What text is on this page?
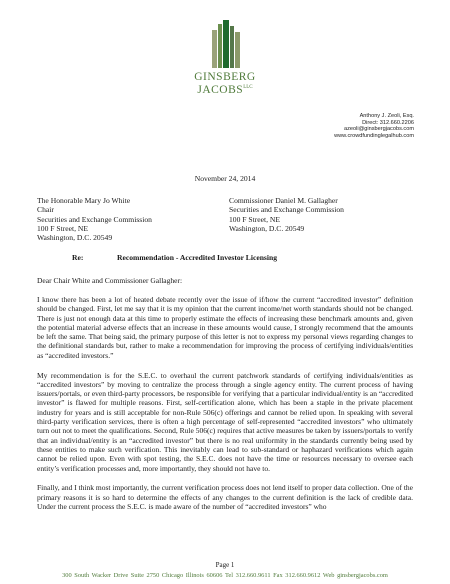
GINSBERG
$JACOBS^{LLC}$
Anthony J. Zeoli, Esq.
Direct: 312.660.2206
azeoli@ginsbergjacobs.com
www.crowdfundinglegalhub.com
November 24, 2014
The Honorable Mary Jo White
Chair
Securities and Exchange Commission
100 F Street, NE
Washington, D.C. 20549
Commissioner Daniel M. Gallagher
Securities and Exchange Commission
100 F Street, NE
Washington, D.C. 20549
Re:	Recommendation - Accredited Investor Licensing
Dear Chair White and Commissioner Gallagher:

I know there has been a lot of heated debate recently over the issue of if/how the current “accredited investor” definition should be changed. First, let me say that it is my opinion that the current income/net worth standards should not be changed. There is just not enough data at this time to properly estimate the effects of increasing these benchmark amounts and, given the potential material adverse effects that an increase in these amounts would cause, I strongly recommend that the amounts be left the same. That being said, the primary purpose of this letter is not to express my personal views regarding changes to the definitional standards but, rather to make a recommendation for improving the process of certifying individuals/entities as “accredited investors.”

My recommendation is for the S.E.C. to overhaul the current patchwork standards of certifying individuals/entities as “accredited investors” by moving to centralize the process through a single agency entity. The current process of having issuers/portals, or even third-party processors, be responsible for verifying that a particular individual/entity is an “accredited investor” is flawed for multiple reasons. First, self-certification alone, which has been a staple in the private placement industry for years and is still acceptable for non-Rule 506(c) offerings and cannot be relied upon. In speaking with several third-party verification services, there is often a high percentage of self-represented “accredited investors” who ultimately turn out not to meet the qualifications. Second, Rule 506(c) requires that active measures be taken by issuers/portals to verify that an individual/entity is an “accredited investor” but there is no real uniformity in the standards currently being used by these entities to make such verification. This inevitably can lead to sub-standard or haphazard verifications which again cannot be relied upon. Even with spot testing, the S.E.C. does not have the time or resources necessary to oversee each entity’s verification processes and, more importantly, they should not have to.

Finally, and I think most importantly, the current verification process does not lend itself to proper data collection. One of the primary reasons it is so hard to determine the effects of any changes to the current definition is the lack of credible data. Under the current process the S.E.C. is made aware of the number of “accredited investors” who

Page 1
300 South Wacker Drive Suite 2750 Chicago Illinois 60606 Tel 312.660.9611 Fax 312.660.9612 Web ginsbergjacobs.com
